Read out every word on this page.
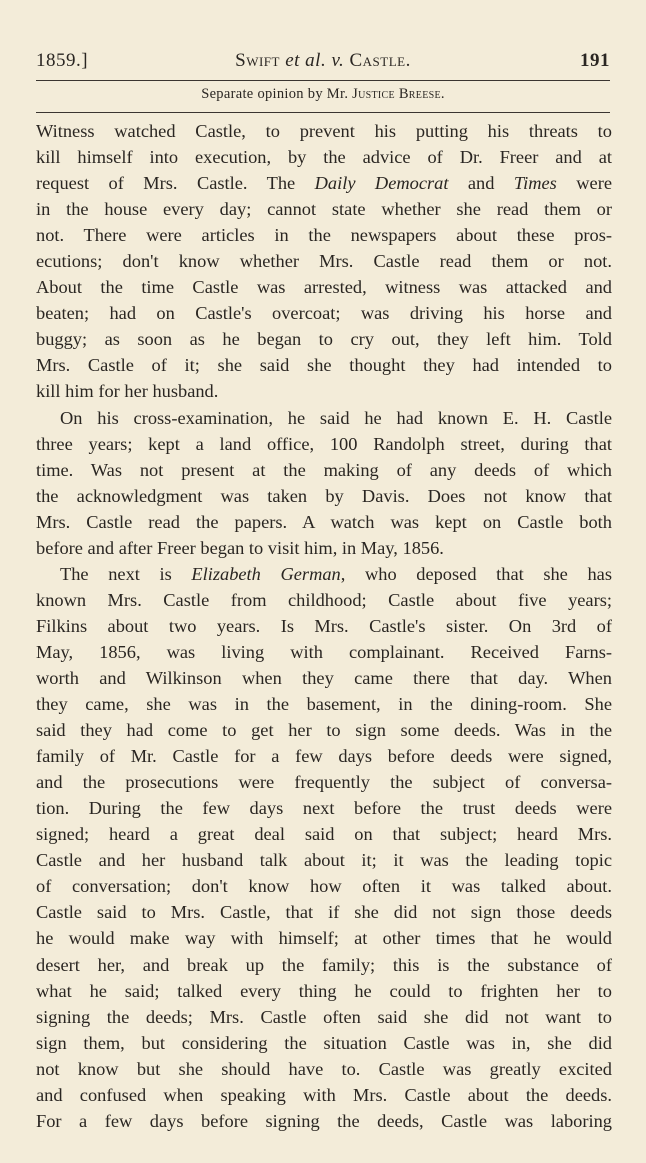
1859.]	Swift et al. v. Castle.	191
Separate opinion by Mr. Justice Breese.
Witness watched Castle, to prevent his putting his threats to
kill himself into execution, by the advice of Dr. Freer and at
request of Mrs. Castle. The Daily Democrat and Times were
in the house every day; cannot state whether she read them or
not. There were articles in the newspapers about these pros-
ecutions; don't know whether Mrs. Castle read them or not.
About the time Castle was arrested, witness was attacked and
beaten; had on Castle's overcoat; was driving his horse and
buggy; as soon as he began to cry out, they left him. Told
Mrs. Castle of it; she said she thought they had intended to
kill him for her husband.
On his cross-examination, he said he had known E. H. Castle
three years; kept a land office, 100 Randolph street, during that
time. Was not present at the making of any deeds of which
the acknowledgment was taken by Davis. Does not know that
Mrs. Castle read the papers. A watch was kept on Castle both
before and after Freer began to visit him, in May, 1856.
The next is Elizabeth German, who deposed that she has
known Mrs. Castle from childhood; Castle about five years;
Filkins about two years. Is Mrs. Castle's sister. On 3rd of
May, 1856, was living with complainant. Received Farns-
worth and Wilkinson when they came there that day. When
they came, she was in the basement, in the dining-room. She
said they had come to get her to sign some deeds. Was in the
family of Mr. Castle for a few days before deeds were signed,
and the prosecutions were frequently the subject of conversa-
tion. During the few days next before the trust deeds were
signed; heard a great deal said on that subject; heard Mrs.
Castle and her husband talk about it; it was the leading topic
of conversation; don't know how often it was talked about.
Castle said to Mrs. Castle, that if she did not sign those deeds
he would make way with himself; at other times that he would
desert her, and break up the family; this is the substance of
what he said; talked every thing he could to frighten her to
signing the deeds; Mrs. Castle often said she did not want to
sign them, but considering the situation Castle was in, she did
not know but she should have to. Castle was greatly excited
and confused when speaking with Mrs. Castle about the deeds.
For a few days before signing the deeds, Castle was laboring
